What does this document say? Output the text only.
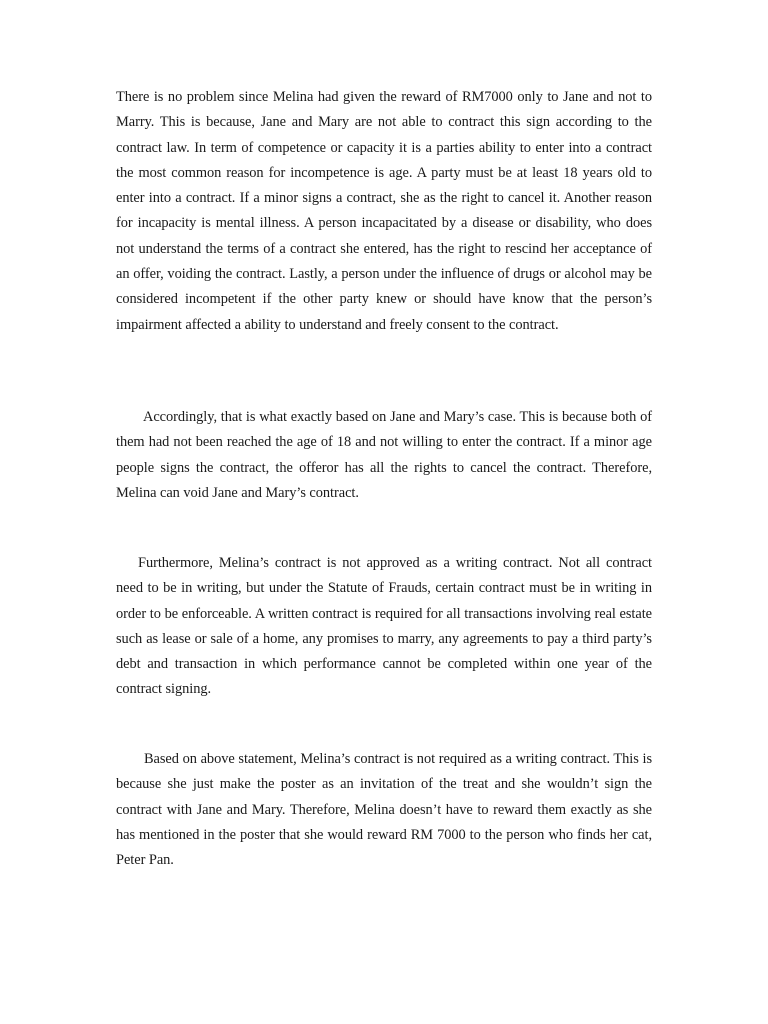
There is no problem since Melina had given the reward of RM7000 only to Jane and not to Marry. This is because, Jane and Mary are not able to contract this sign according to the contract law. In term of competence or capacity it is a parties ability to enter into a contract the most common reason for incompetence is age. A party must be at least 18 years old to enter into a contract. If a minor signs a contract, she as the right to cancel it. Another reason for incapacity is mental illness. A person incapacitated by a disease or disability, who does not understand the terms of a contract she entered, has the right to rescind her acceptance of an offer, voiding the contract. Lastly, a person under the influence of drugs or alcohol may be considered incompetent if the other party knew or should have know that the person’s impairment affected a ability to understand and freely consent to the contract.

Accordingly, that is what exactly based on Jane and Mary’s case. This is because both of them had not been reached the age of 18 and not willing to enter the contract. If a minor age people signs the contract, the offeror has all the rights to cancel the contract. Therefore, Melina can void Jane and Mary’s contract.

Furthermore, Melina’s contract is not approved as a writing contract. Not all contract need to be in writing, but under the Statute of Frauds, certain contract must be in writing in order to be enforceable. A written contract is required for all transactions involving real estate such as lease or sale of a home, any promises to marry, any agreements to pay a third party’s debt and transaction in which performance cannot be completed within one year of the contract signing.

Based on above statement, Melina’s contract is not required as a writing contract. This is because she just make the poster as an invitation of the treat and she wouldn’t sign the contract with Jane and Mary. Therefore, Melina doesn’t have to reward them exactly as she has mentioned in the poster that she would reward RM 7000 to the person who finds her cat, Peter Pan.
